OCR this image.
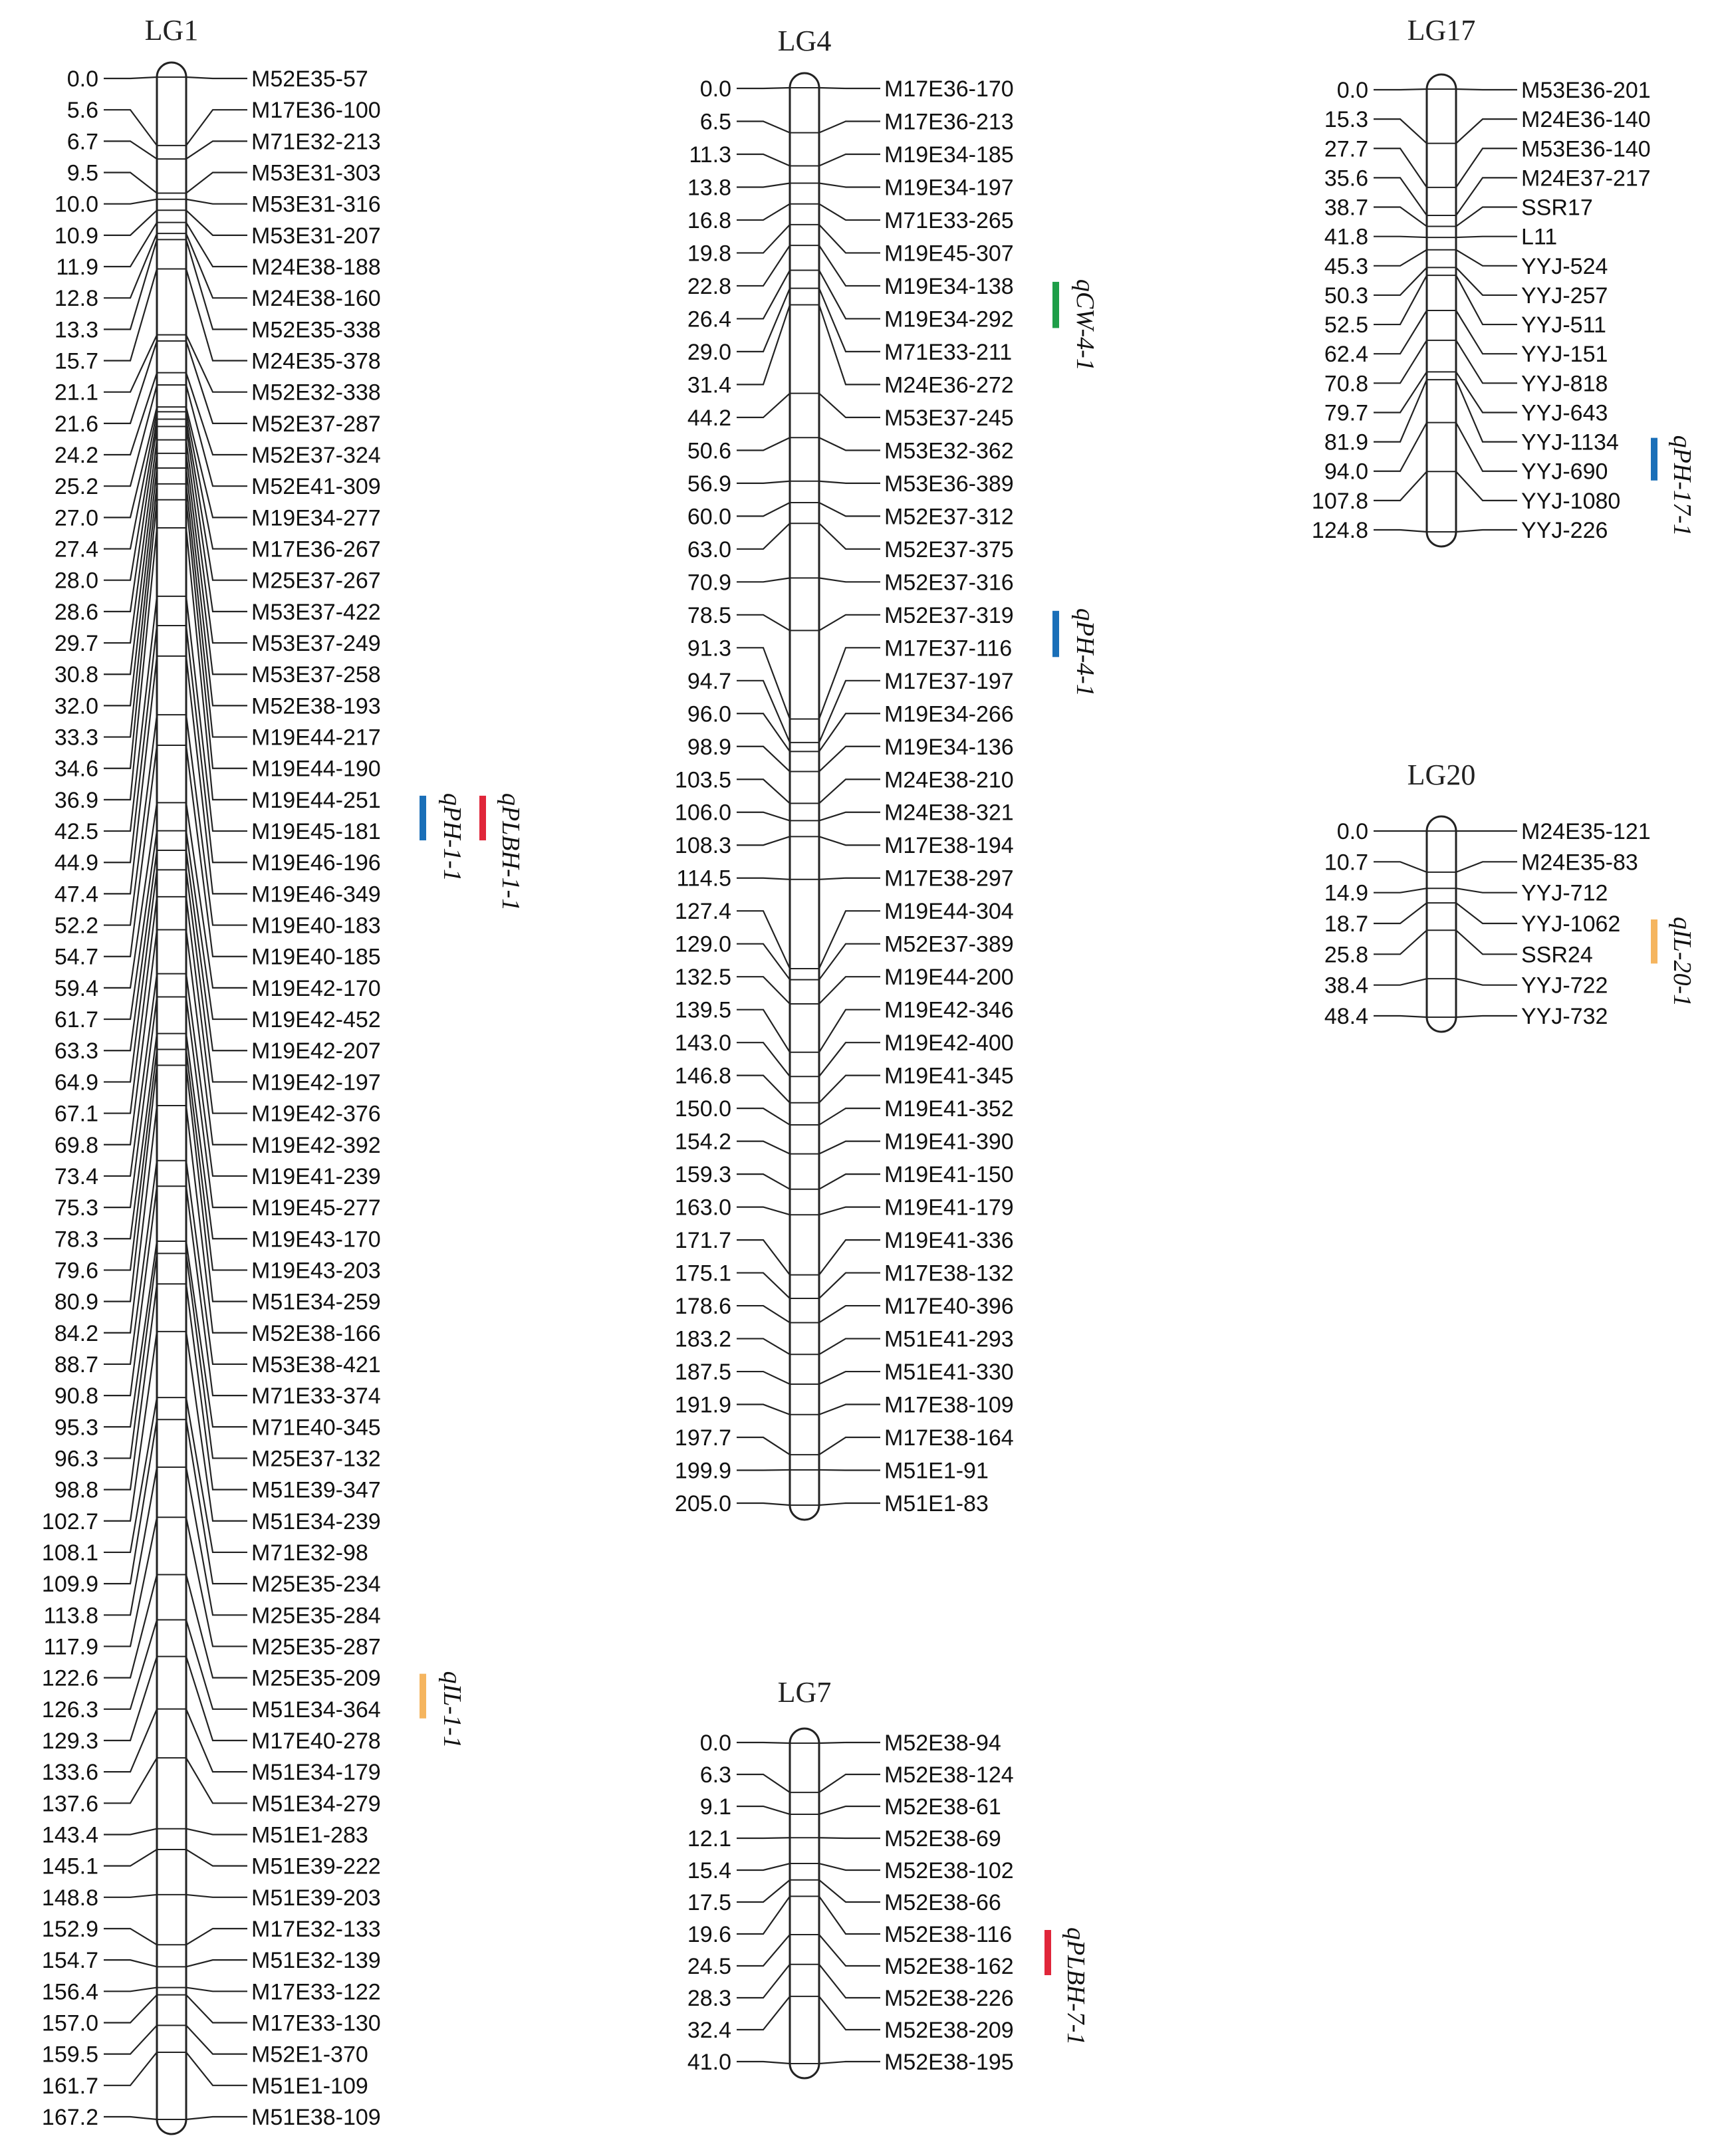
LG1
0.0	M52E35-57
5.6	M17E36-100
6.7	M71E32-213
9.5	M53E31-303
10.0	M53E31-316
10.9	M53E31-207
11.9	M24E38-188
12.8	M24E38-160
13.3	M52E35-338
15.7	M24E35-378
21.1	M52E32-338
21.6	M52E37-287
24.2	M52E37-324
25.2	M52E41-309
27.0	M19E34-277
27.4	M17E36-267
28.0	M25E37-267
28.6	M53E37-422
29.7	M53E37-249
30.8	M53E37-258
32.0	M52E38-193
33.3	M19E44-217
34.6	M19E44-190
36.9	M19E44-251
42.5	M19E45-181
44.9	M19E46-196
47.4	M19E46-349
52.2	M19E40-183
54.7	M19E40-185
59.4	M19E42-170
61.7	M19E42-452
63.3	M19E42-207
64.9	M19E42-197
67.1	M19E42-376
69.8	M19E42-392
73.4	M19E41-239
75.3	M19E45-277
78.3	M19E43-170
79.6	M19E43-203
80.9	M51E34-259
84.2	M52E38-166
88.7	M53E38-421
90.8	M71E33-374
95.3	M71E40-345
96.3	M25E37-132
98.8	M51E39-347
102.7	M51E34-239
108.1	M71E32-98
109.9	M25E35-234
113.8	M25E35-284
117.9	M25E35-287
122.6	M25E35-209
126.3	M51E34-364
129.3	M17E40-278
133.6	M51E34-179
137.6	M51E34-279
143.4	M51E1-283
145.1	M51E39-222
148.8	M51E39-203
152.9	M17E32-133
154.7	M51E32-139
156.4	M17E33-122
157.0	M17E33-130
159.5	M52E1-370
161.7	M51E1-109
167.2	M51E38-109
qPH-1-1 qPLBH-1-1
qIL-1-1
LG4
0.0	M17E36-170
6.5	M17E36-213
11.3	M19E34-185
13.8	M19E34-197
16.8	M71E33-265
19.8	M19E45-307
22.8	M19E34-138
26.4	M19E34-292
29.0	M71E33-211
31.4	M24E36-272
44.2	M53E37-245
50.6	M53E32-362
56.9	M53E36-389
60.0	M52E37-312
63.0	M52E37-375
70.9	M52E37-316
78.5	M52E37-319
91.3	M17E37-116
94.7	M17E37-197
96.0	M19E34-266
98.9	M19E34-136
103.5	M24E38-210
106.0	M24E38-321
108.3	M17E38-194
114.5	M17E38-297
127.4	M19E44-304
129.0	M52E37-389
132.5	M19E44-200
139.5	M19E42-346
143.0	M19E42-400
146.8	M19E41-345
150.0	M19E41-352
154.2	M19E41-390
159.3	M19E41-150
163.0	M19E41-179
171.7	M19E41-336
175.1	M17E38-132
178.6	M17E40-396
183.2	M51E41-293
187.5	M51E41-330
191.9	M17E38-109
197.7	M17E38-164
199.9	M51E1-91
205.0	M51E1-83
qCW-4-1
qPH-4-1
LG7
0.0	M52E38-94
6.3	M52E38-124
9.1	M52E38-61
12.1	M52E38-69
15.4	M52E38-102
17.5	M52E38-66
19.6	M52E38-116
24.5	M52E38-162
28.3	M52E38-226
32.4	M52E38-209
41.0	M52E38-195
qPLBH-7-1
LG17
0.0	M53E36-201
15.3	M24E36-140
27.7	M53E36-140
35.6	M24E37-217
38.7	SSR17
41.8	L11
45.3	YYJ-524
50.3	YYJ-257
52.5	YYJ-511
62.4	YYJ-151
70.8	YYJ-818
79.7	YYJ-643
81.9	YYJ-1134
94.0	YYJ-690
107.8	YYJ-1080
124.8	YYJ-226 qPH-17-1
LG20
0.0	M24E35-121
10.7	M24E35-83
14.9	YYJ-712
18.7	YYJ-1062
25.8	SSR24
38.4	YYJ-722
48.4	YYJ-732
qIL-20-1
